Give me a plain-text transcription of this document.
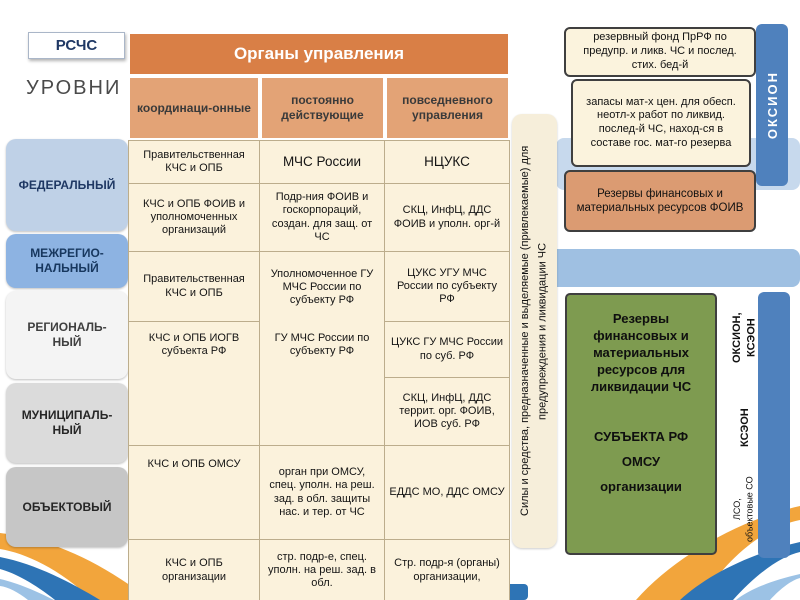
ОКСИОН
РСЧС
УРОВНИ
ФЕДЕРАЛЬНЫЙ
МЕЖРЕГИО-НАЛЬНЫЙ
РЕГИОНАЛЬ-НЫЙ
МУНИЦИПАЛЬ-НЫЙ
ОБЪЕКТОВЫЙ
Органы управления
координаци-онные
постоянно действующие
повседневного управления
Правительственная КЧС и ОПБ	МЧС России	НЦУКС
КЧС и ОПБ ФОИВ и уполномоченных организаций
Подр-ния ФОИВ и госкорпораций, создан. для защ. от ЧС
СКЦ, ИнфЦ, ДДС ФОИВ и уполн. орг-й
Правительственная КЧС и ОПБ
Уполномоченное ГУ МЧС России по субъекту РФ
ГУ МЧС России по субъекту РФ
ЦУКС УГУ МЧС России по субъекту РФ
КЧС и ОПБ ИОГВ субъекта РФ
ЦУКС ГУ МЧС России по суб. РФ
СКЦ, ИнфЦ, ДДС террит. орг. ФОИВ, ИОВ суб. РФ
КЧС и ОПБ ОМСУ
орган при ОМСУ, спец. уполн. на реш. зад. в обл. защиты нас. и тер. от ЧС
ЕДДС МО, ДДС ОМСУ
КЧС и ОПБ организации
стр. подр-е, спец. уполн. на реш. зад. в обл.
Стр. подр-я (органы) организации,
Силы и средства, предназначенные и выделяемые (привлекаемые) для предупреждения и ликвидации ЧС
резервный фонд ПрРФ по предупр. и ликв. ЧС и послед. стих. бед-й
запасы мат-х цен. для обесп. неотл-х работ по ликвид. послед-й ЧС, наход-ся в составе гос. мат-го резерва
Резервы финансовых и материальных ресурсов ФОИВ
Резервы финансовых и материальных ресурсов для ликвидации ЧС
СУБЪЕКТА РФ
ОМСУ
организации
ОКСИОН, КСЭОН
КСЭОН
ЛСО, объектовые СО
